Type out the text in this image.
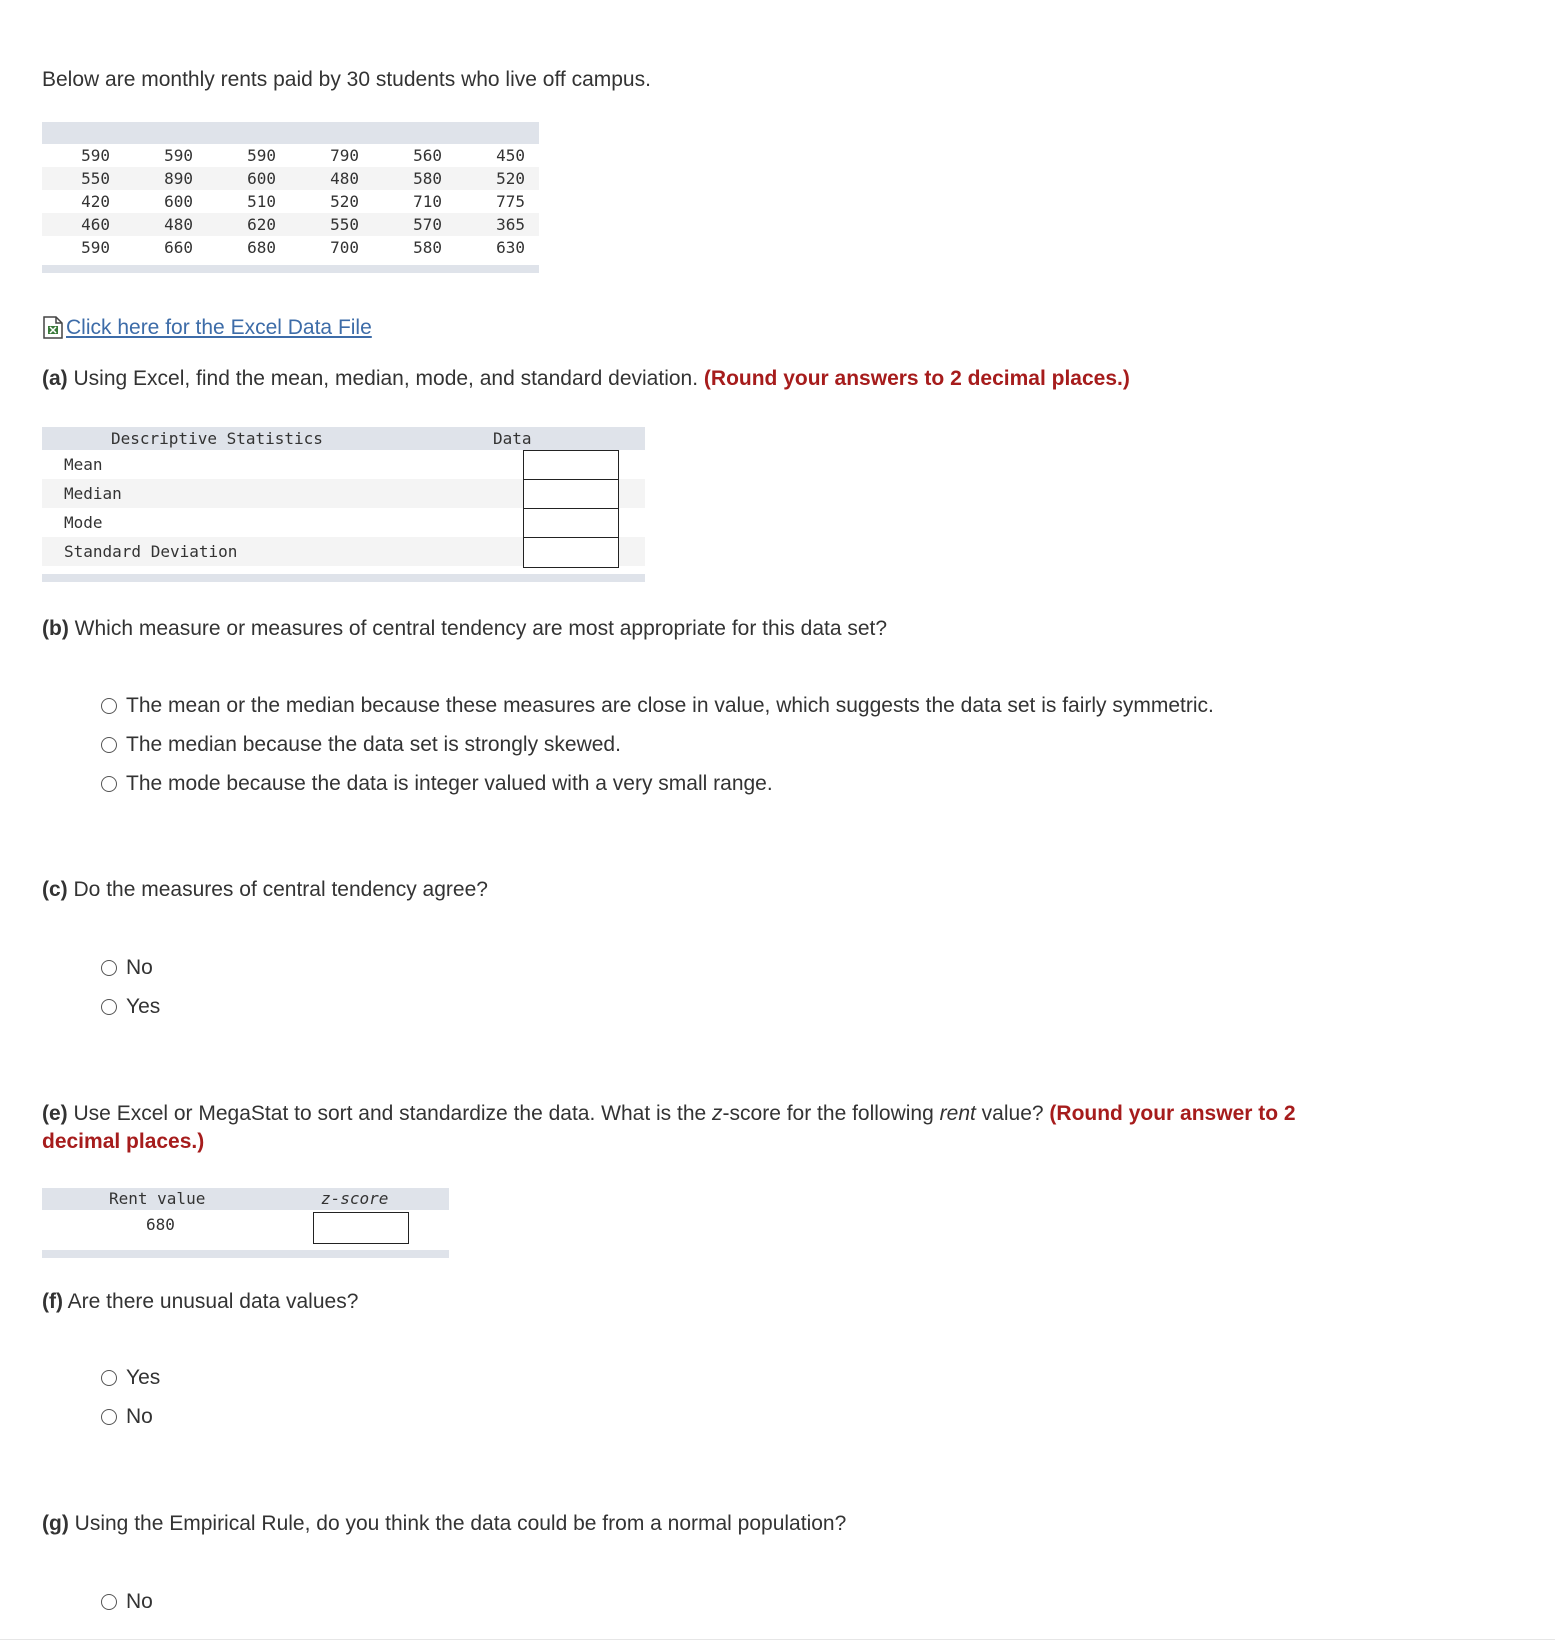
Below are monthly rents paid by 30 students who live off campus.
590	590	590	790	560	450
550	890	600	480	580	520
420	600	510	520	710	775
460	480	620	550	570	365
590	660	680	700	580	630
Click here for the Excel Data File
(a) Using Excel, find the mean, median, mode, and standard deviation. (Round your answers to 2 decimal places.)
Descriptive Statistics	Data
Mean
Median
Mode
Standard Deviation
(b) Which measure or measures of central tendency are most appropriate for this data set?
The mean or the median because these measures are close in value, which suggests the data set is fairly symmetric.
The median because the data set is strongly skewed.
The mode because the data is integer valued with a very small range.
(c) Do the measures of central tendency agree?
No
Yes
(e) Use Excel or MegaStat to sort and standardize the data. What is the z-score for the following rent value? (Round your answer to 2
decimal places.)
Rent value	z-score
680
(f) Are there unusual data values?
Yes
No
(g) Using the Empirical Rule, do you think the data could be from a normal population?
No
